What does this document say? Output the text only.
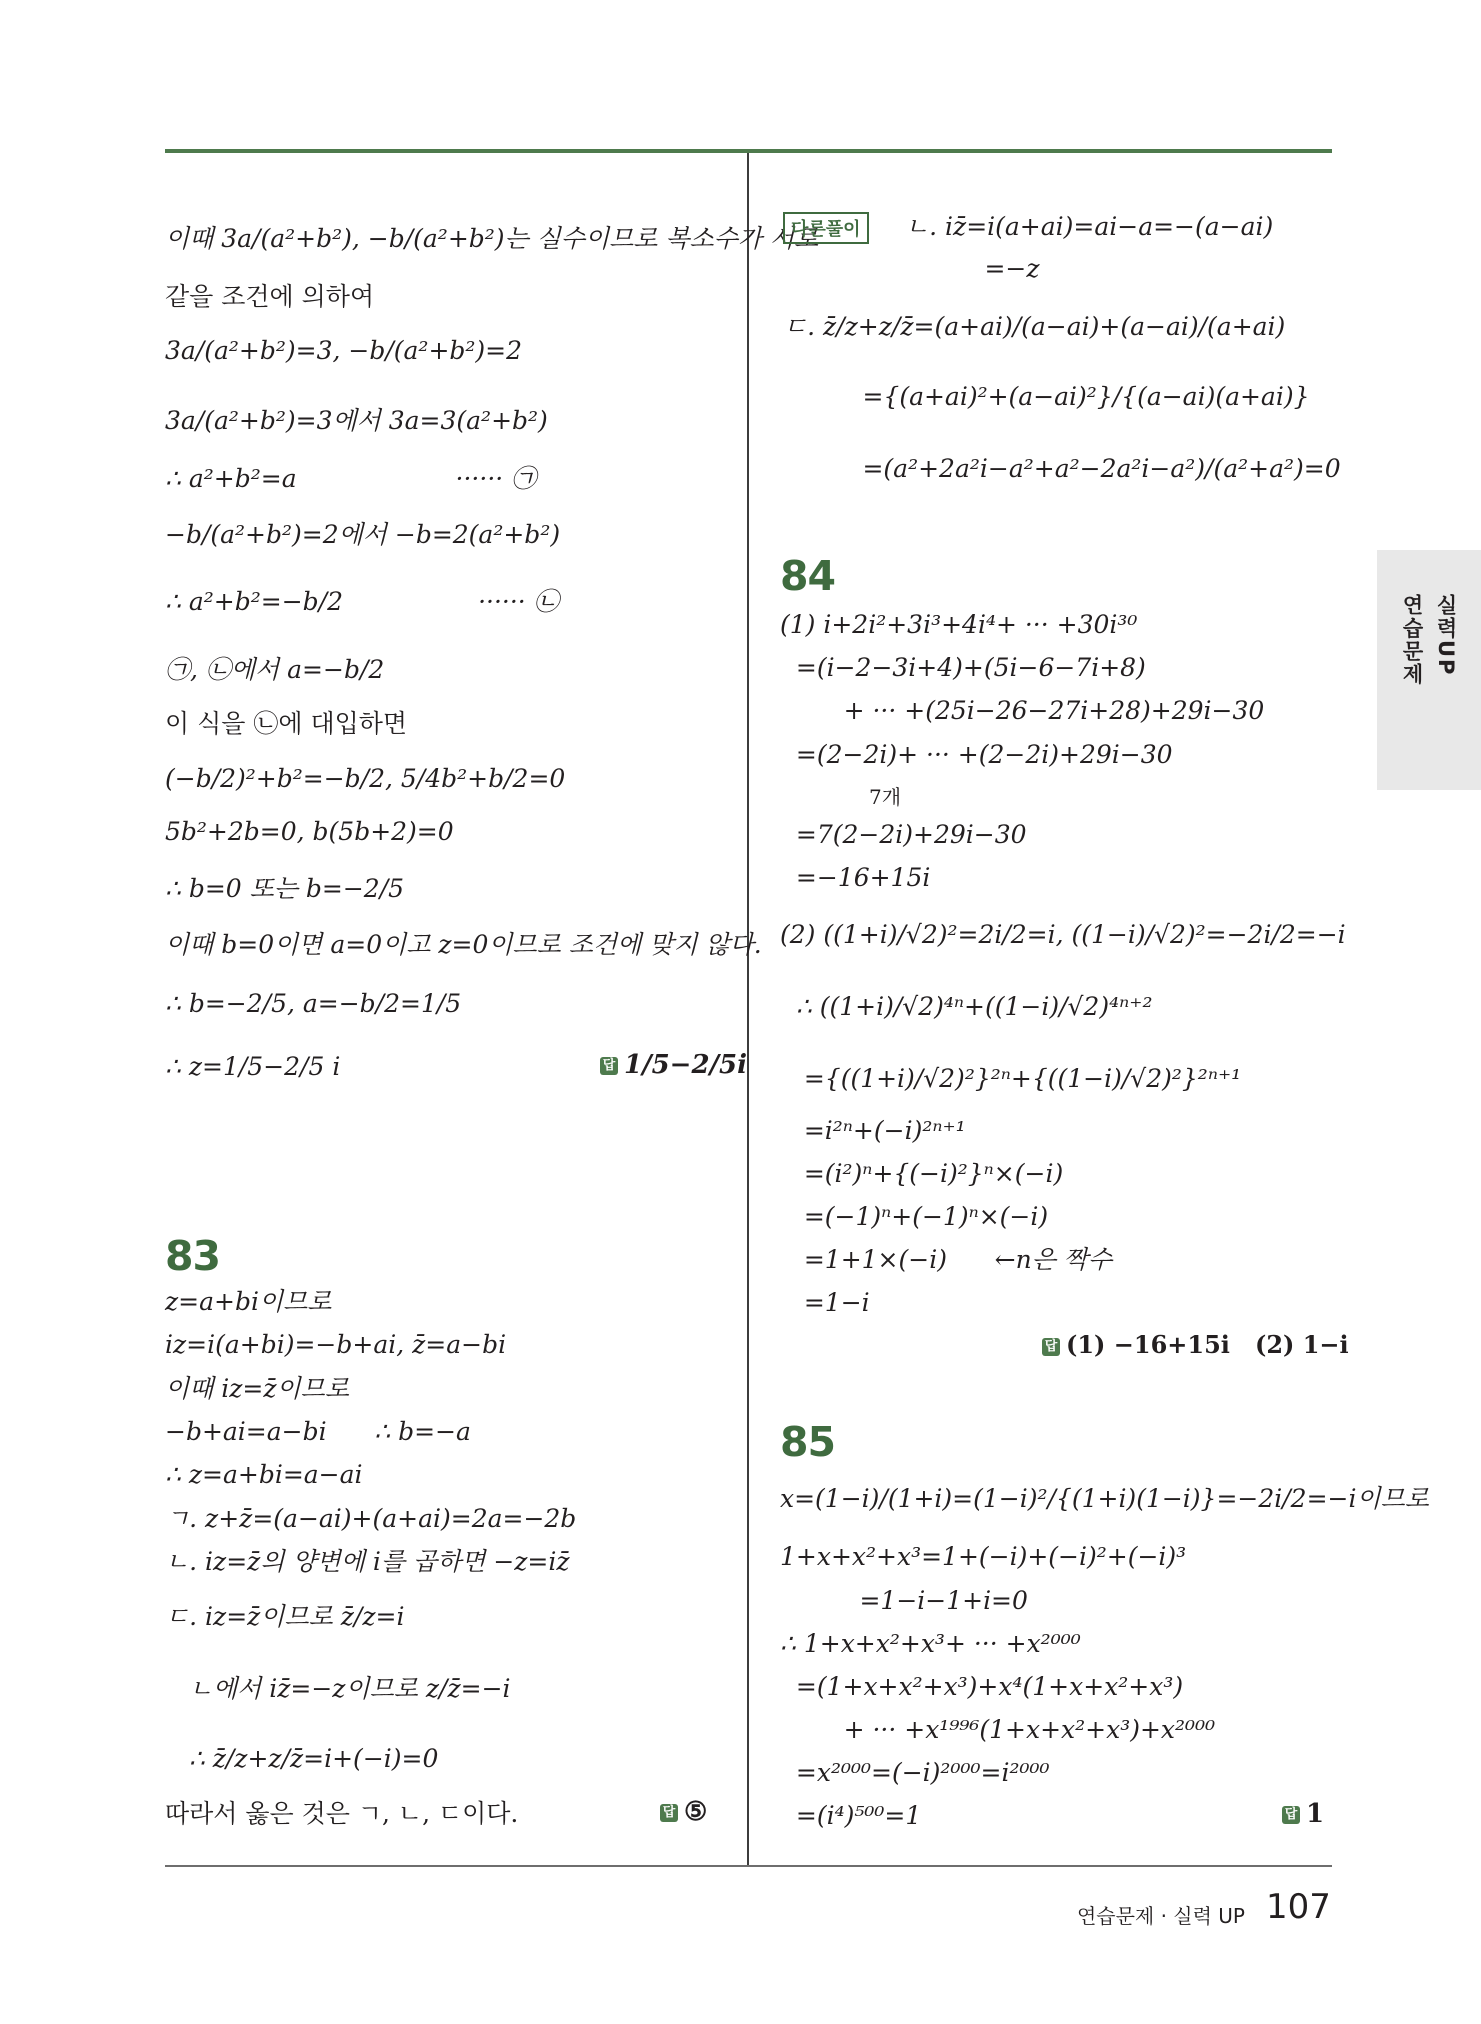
이때 3a/(a²+b²), −b/(a²+b²)는 실수이므로 복소수가 서로
같을 조건에 의하여
3a/(a²+b²)=3, −b/(a²+b²)=2
3a/(a²+b²)=3에서 3a=3(a²+b²)
∴ a²+b²=a                    ······ ㉠
−b/(a²+b²)=2에서 −b=2(a²+b²)
∴ a²+b²=−b/2                 ······ ㉡
㉠, ㉡에서 a=−b/2
이 식을 ㉡에 대입하면
(−b/2)²+b²=−b/2, 5/4b²+b/2=0
5b²+2b=0, b(5b+2)=0
∴ b=0 또는 b=−2/5
이때 b=0이면 a=0이고 z=0이므로 조건에 맞지 않다.
∴ b=−2/5, a=−b/2=1/5
∴ z=1/5−2/5 i	답 1/5−2/5i
83
z=a+bi이므로
iz=i(a+bi)=−b+ai, z̄=a−bi
이때 iz=z̄이므로
−b+ai=a−bi      ∴ b=−a
∴ z=a+bi=a−ai
ㄱ. z+z̄=(a−ai)+(a+ai)=2a=−2b
ㄴ. iz=z̄의 양변에 i를 곱하면 −z=iz̄
ㄷ. iz=z̄이므로 z̄/z=i
ㄴ에서 iz̄=−z이므로 z/z̄=−i
∴ z̄/z+z/z̄=i+(−i)=0
따라서 옳은 것은 ㄱ, ㄴ, ㄷ이다.	답 ⑤
다른풀이	ㄴ. iz̄=i(a+ai)=ai−a=−(a−ai)
=−z
ㄷ. z̄/z+z/z̄=(a+ai)/(a−ai)+(a−ai)/(a+ai)
={(a+ai)²+(a−ai)²}/{(a−ai)(a+ai)}
=(a²+2a²i−a²+a²−2a²i−a²)/(a²+a²)=0
84
(1) i+2i²+3i³+4i⁴+ ··· +30i³⁰
=(i−2−3i+4)+(5i−6−7i+8)
+ ··· +(25i−26−27i+28)+29i−30
=(2−2i)+ ··· +(2−2i)+29i−30
7개
=7(2−2i)+29i−30
=−16+15i
(2) ((1+i)/√2)²=2i/2=i, ((1−i)/√2)²=−2i/2=−i
∴ ((1+i)/√2)⁴ⁿ+((1−i)/√2)⁴ⁿ⁺²
={((1+i)/√2)²}²ⁿ+{((1−i)/√2)²}²ⁿ⁺¹
=i²ⁿ+(−i)²ⁿ⁺¹
=(i²)ⁿ+{(−i)²}ⁿ×(−i)
=(−1)ⁿ+(−1)ⁿ×(−i)
=1+1×(−i)      ←n은 짝수
=1−i
답 (1) −16+15i   (2) 1−i
85
x=(1−i)/(1+i)=(1−i)²/{(1+i)(1−i)}=−2i/2=−i이므로
1+x+x²+x³=1+(−i)+(−i)²+(−i)³
=1−i−1+i=0
∴ 1+x+x²+x³+ ··· +x²⁰⁰⁰
=(1+x+x²+x³)+x⁴(1+x+x²+x³)
+ ··· +x¹⁹⁹⁶(1+x+x²+x³)+x²⁰⁰⁰
=x²⁰⁰⁰=(−i)²⁰⁰⁰=i²⁰⁰⁰
=(i⁴)⁵⁰⁰=1	답 1
실력UP
연습문제
연습문제 · 실력 UP 107
